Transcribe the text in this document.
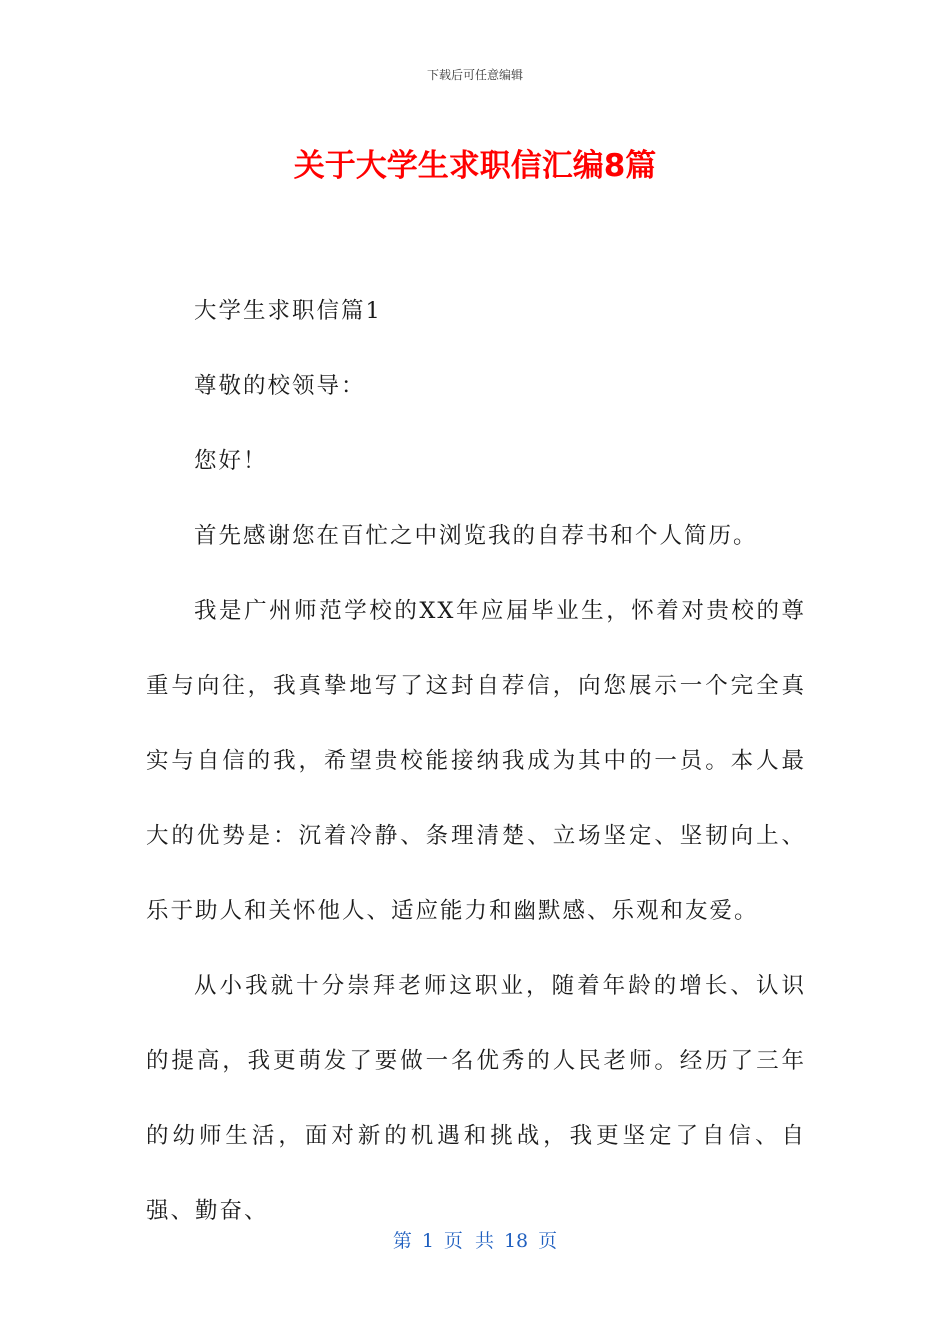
下载后可任意编辑
关于大学生求职信汇编8篇

大学生求职信篇1

尊敬的校领导：

您好！

首先感谢您在百忙之中浏览我的自荐书和个人简历。

我是广州师范学校的XX年应届毕业生，怀着对贵校的尊重与向往，我真挚地写了这封自荐信，向您展示一个完全真实与自信的我，希望贵校能接纳我成为其中的一员。本人最大的优势是：沉着冷静、条理清楚、立场坚定、坚韧向上、乐于助人和关怀他人、适应能力和幽默感、乐观和友爱。

从小我就十分崇拜老师这职业，随着年龄的增长、认识的提高，我更萌发了要做一名优秀的人民老师。经历了三年的幼师生活，面对新的机遇和挑战，我更坚定了自信、自强、勤奋、

第 1 页 共 18 页
